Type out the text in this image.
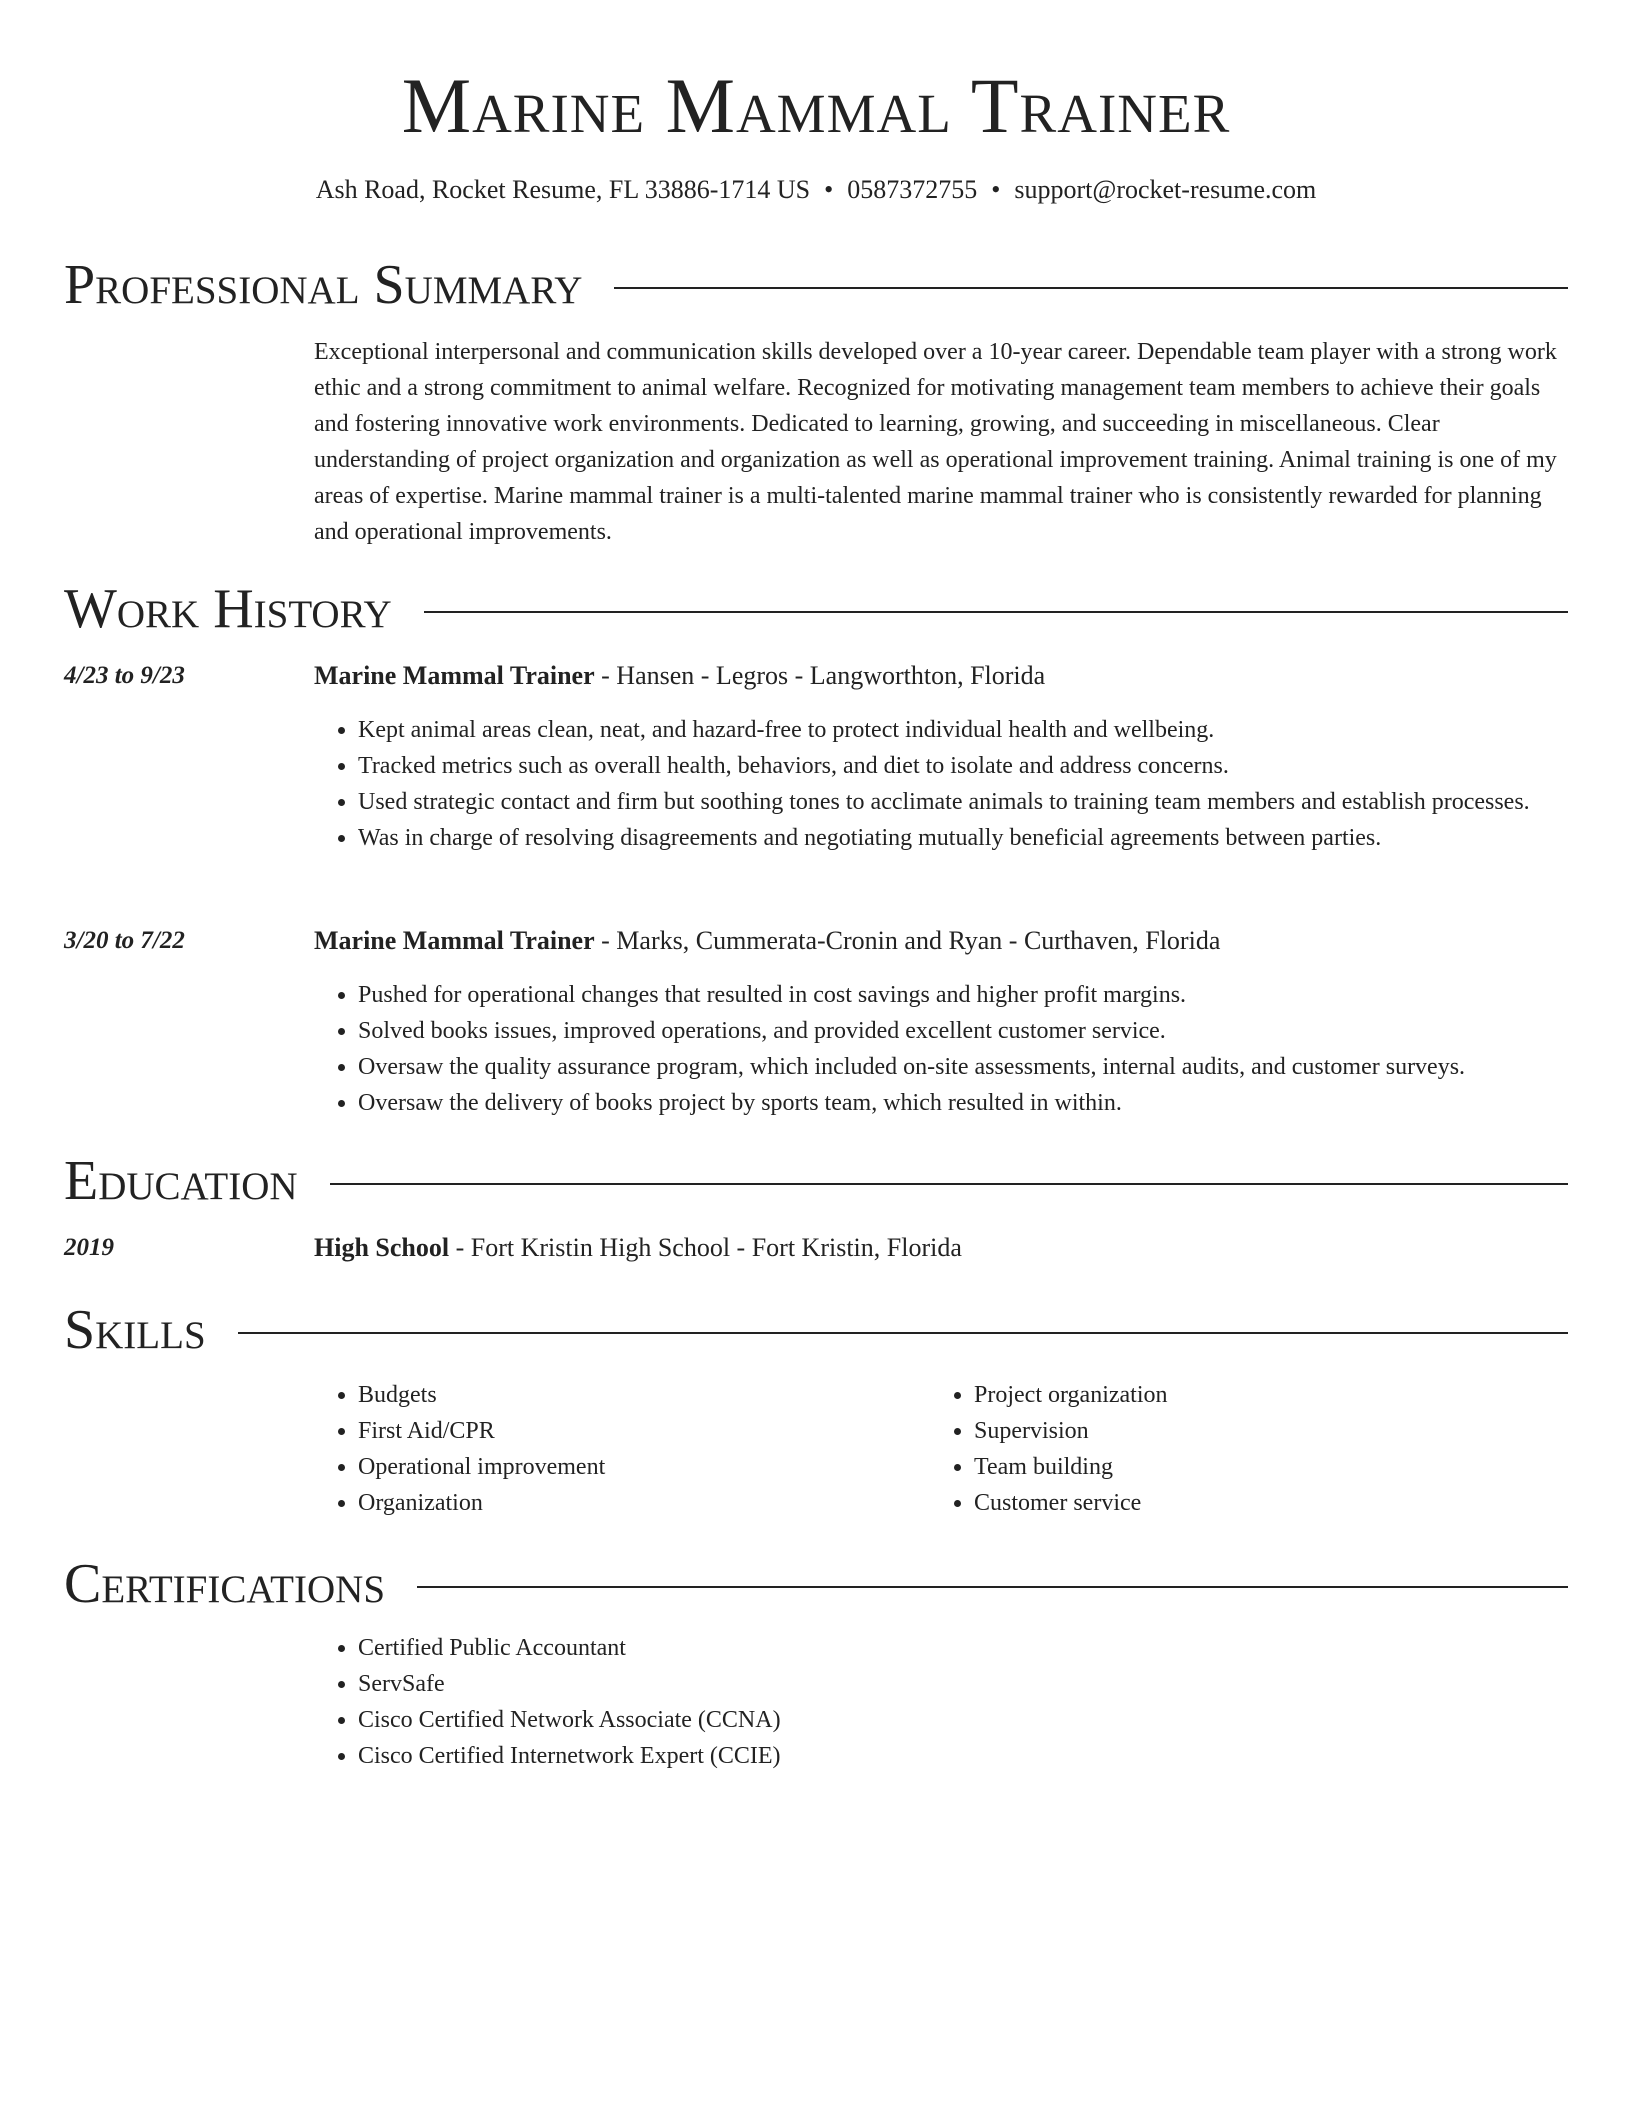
Marine Mammal Trainer
Ash Road, Rocket Resume, FL 33886-1714 US • 0587372755 • support@rocket-resume.com
Professional Summary
Exceptional interpersonal and communication skills developed over a 10-year career. Dependable team player with a strong work ethic and a strong commitment to animal welfare. Recognized for motivating management team members to achieve their goals and fostering innovative work environments. Dedicated to learning, growing, and succeeding in miscellaneous. Clear understanding of project organization and organization as well as operational improvement training. Animal training is one of my areas of expertise. Marine mammal trainer is a multi-talented marine mammal trainer who is consistently rewarded for planning and operational improvements.
Work History
4/23 to 9/23	Marine Mammal Trainer - Hansen - Legros - Langworthton, Florida
• Kept animal areas clean, neat, and hazard-free to protect individual health and wellbeing.
• Tracked metrics such as overall health, behaviors, and diet to isolate and address concerns.
• Used strategic contact and firm but soothing tones to acclimate animals to training team members and establish processes.
• Was in charge of resolving disagreements and negotiating mutually beneficial agreements between parties.
3/20 to 7/22	Marine Mammal Trainer - Marks, Cummerata-Cronin and Ryan - Curthaven, Florida
• Pushed for operational changes that resulted in cost savings and higher profit margins.
• Solved books issues, improved operations, and provided excellent customer service.
• Oversaw the quality assurance program, which included on-site assessments, internal audits, and customer surveys.
• Oversaw the delivery of books project by sports team, which resulted in within.
Education
2019	High School - Fort Kristin High School - Fort Kristin, Florida
Skills
• Budgets
• First Aid/CPR
• Operational improvement
• Organization
• Project organization
• Supervision
• Team building
• Customer service
Certifications
• Certified Public Accountant
• ServSafe
• Cisco Certified Network Associate (CCNA)
• Cisco Certified Internetwork Expert (CCIE)
